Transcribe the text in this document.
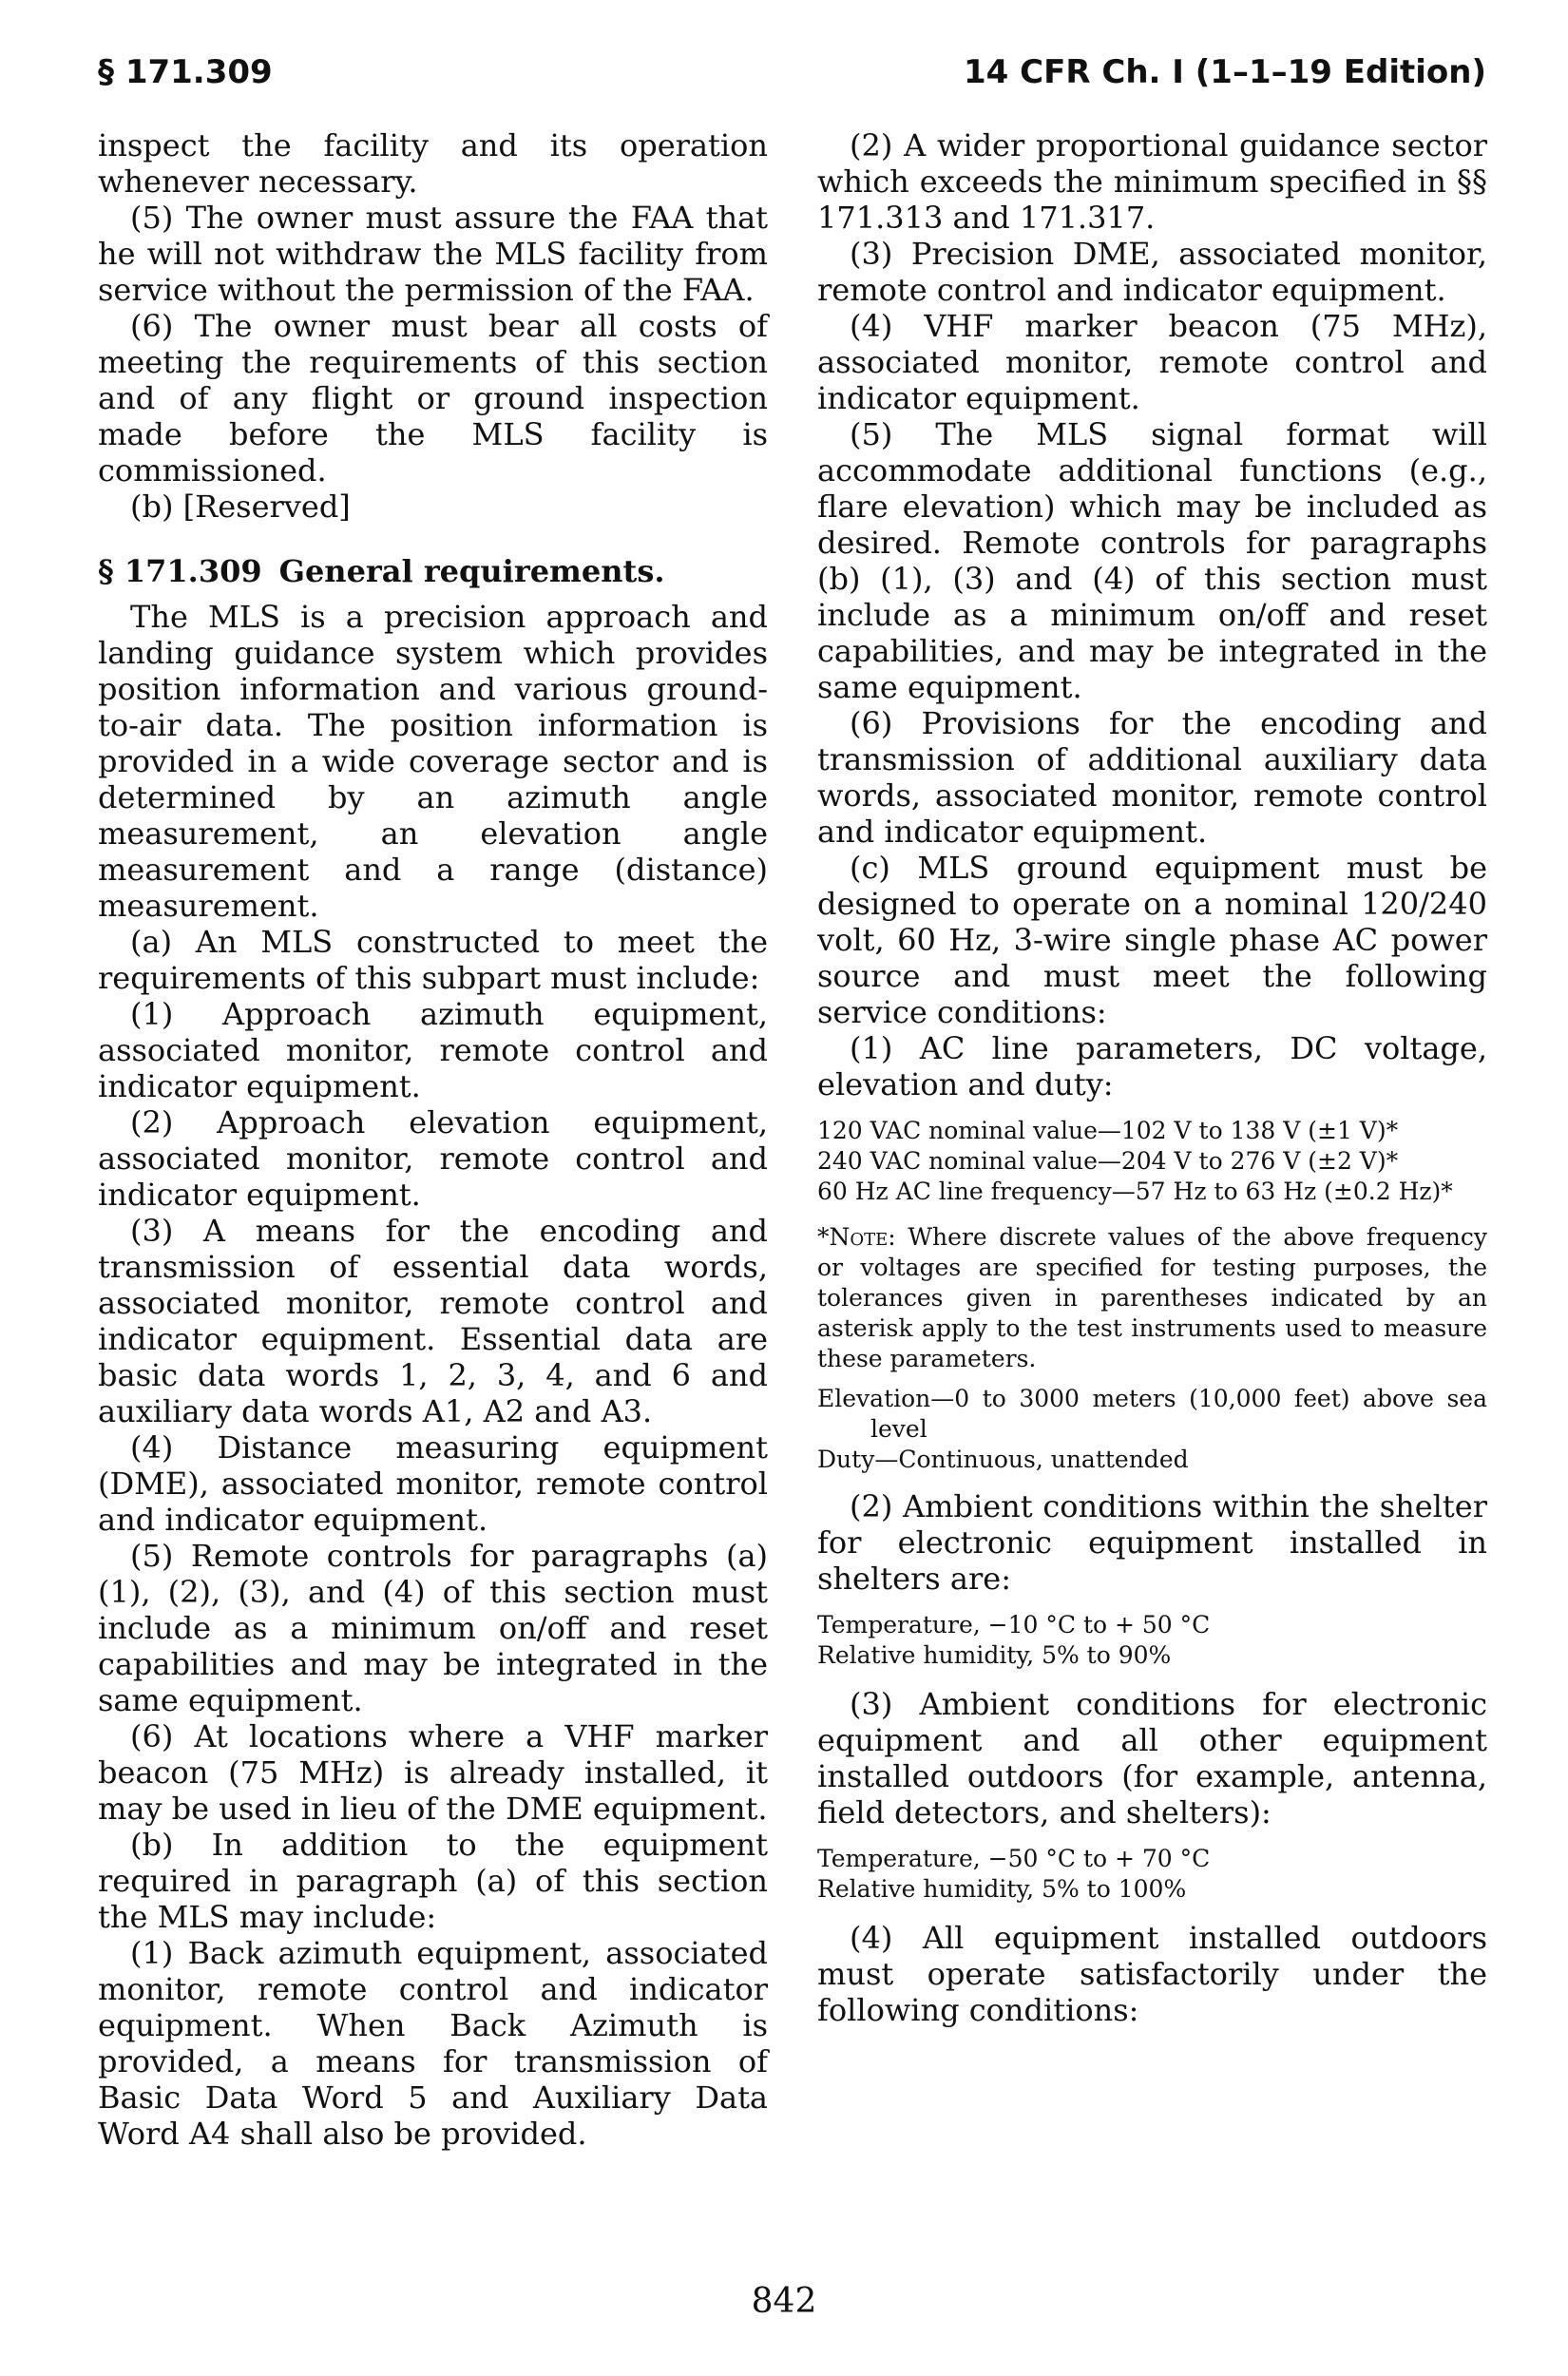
§ 171.309	14 CFR Ch. I (1–1–19 Edition)

inspect the facility and its operation whenever necessary.

(5) The owner must assure the FAA that he will not withdraw the MLS facility from service without the permission of the FAA.

(6) The owner must bear all costs of meeting the requirements of this section and of any flight or ground inspection made before the MLS facility is commissioned.

(b) [Reserved]

§ 171.309 General requirements.

The MLS is a precision approach and landing guidance system which provides position information and various ground-to-air data. The position information is provided in a wide coverage sector and is determined by an azimuth angle measurement, an elevation angle measurement and a range (distance) measurement.

(a) An MLS constructed to meet the requirements of this subpart must include:

(1) Approach azimuth equipment, associated monitor, remote control and indicator equipment.

(2) Approach elevation equipment, associated monitor, remote control and indicator equipment.

(3) A means for the encoding and transmission of essential data words, associated monitor, remote control and indicator equipment. Essential data are basic data words 1, 2, 3, 4, and 6 and auxiliary data words A1, A2 and A3.

(4) Distance measuring equipment (DME), associated monitor, remote control and indicator equipment.

(5) Remote controls for paragraphs (a) (1), (2), (3), and (4) of this section must include as a minimum on/off and reset capabilities and may be integrated in the same equipment.

(6) At locations where a VHF marker beacon (75 MHz) is already installed, it may be used in lieu of the DME equipment.

(b) In addition to the equipment required in paragraph (a) of this section the MLS may include:

(1) Back azimuth equipment, associated monitor, remote control and indicator equipment. When Back Azimuth is provided, a means for transmission of Basic Data Word 5 and Auxiliary Data Word A4 shall also be provided.

(2) A wider proportional guidance sector which exceeds the minimum specified in §§ 171.313 and 171.317.

(3) Precision DME, associated monitor, remote control and indicator equipment.

(4) VHF marker beacon (75 MHz), associated monitor, remote control and indicator equipment.

(5) The MLS signal format will accommodate additional functions (e.g., flare elevation) which may be included as desired. Remote controls for paragraphs (b) (1), (3) and (4) of this section must include as a minimum on/off and reset capabilities, and may be integrated in the same equipment.

(6) Provisions for the encoding and transmission of additional auxiliary data words, associated monitor, remote control and indicator equipment.

(c) MLS ground equipment must be designed to operate on a nominal 120/240 volt, 60 Hz, 3-wire single phase AC power source and must meet the following service conditions:

(1) AC line parameters, DC voltage, elevation and duty:

120 VAC nominal value—102 V to 138 V (±1 V)*

240 VAC nominal value—204 V to 276 V (±2 V)*

60 Hz AC line frequency—57 Hz to 63 Hz (±0.2 Hz)*

*Note: Where discrete values of the above frequency or voltages are specified for testing purposes, the tolerances given in parentheses indicated by an asterisk apply to the test instruments used to measure these parameters.

Elevation—0 to 3000 meters (10,000 feet) above sea level

Duty—Continuous, unattended

(2) Ambient conditions within the shelter for electronic equipment installed in shelters are:

Temperature, −10 °C to + 50 °C

Relative humidity, 5% to 90%

(3) Ambient conditions for electronic equipment and all other equipment installed outdoors (for example, antenna, field detectors, and shelters):

Temperature, −50 °C to + 70 °C

Relative humidity, 5% to 100%

(4) All equipment installed outdoors must operate satisfactorily under the following conditions:

842
